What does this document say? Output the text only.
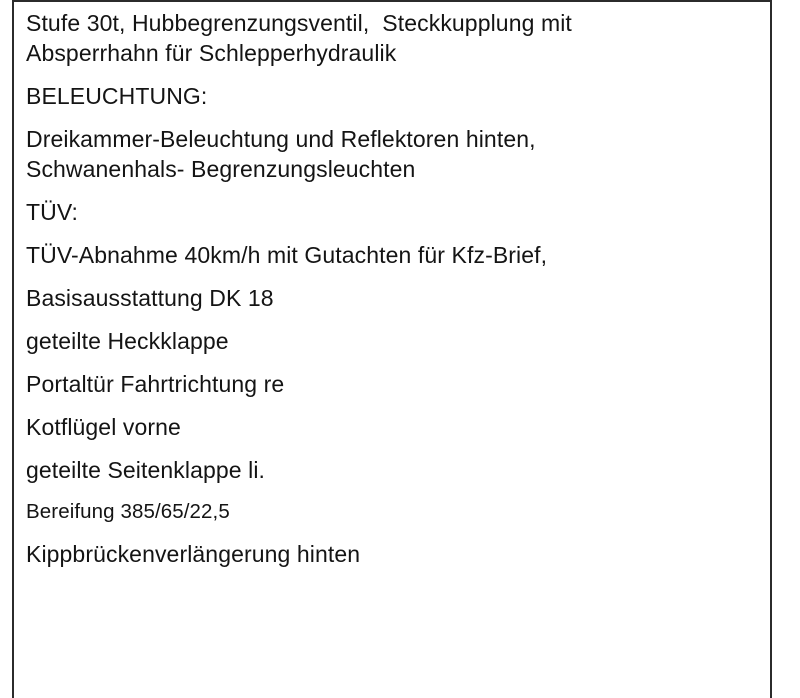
Stufe 30t, Hubbegrenzungsventil,  Steckkupplung mit
Absperrhahn für Schlepperhydraulik
BELEUCHTUNG:
Dreikammer-Beleuchtung und Reflektoren hinten,
Schwanenhals- Begrenzungsleuchten
TÜV:
TÜV-Abnahme 40km/h mit Gutachten für Kfz-Brief,
Basisausstattung DK 18
geteilte Heckklappe
Portaltür Fahrtrichtung re
Kotflügel vorne
geteilte Seitenklappe li.
Bereifung 385/65/22,5
Kippbrückenverlängerung hinten
